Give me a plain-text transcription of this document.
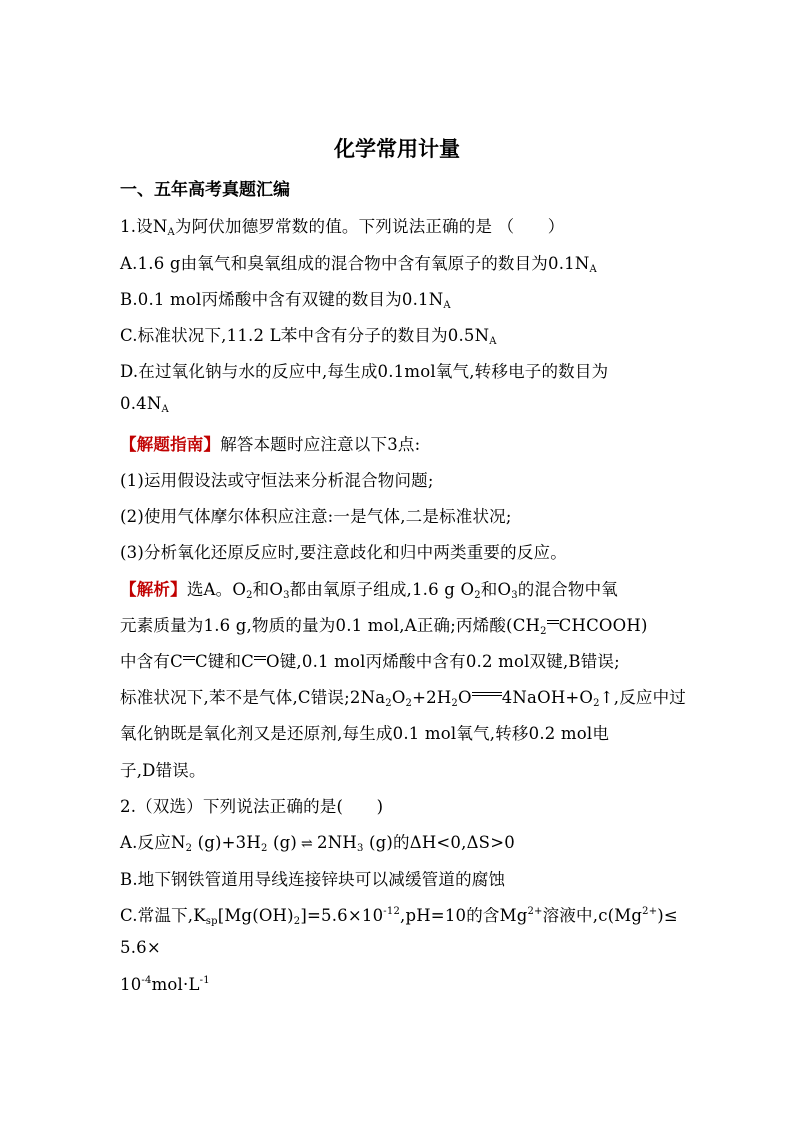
化学常用计量
一、五年高考真题汇编
1.设$N_A$为阿伏加德罗常数的值。下列说法正确的是 （　　）
A.1.6 g由氧气和臭氧组成的混合物中含有氧原子的数目为$0.1N_A$
B.0.1 mol丙烯酸中含有双键的数目为$0.1N_A$
C.标准状况下,11.2 L苯中含有分子的数目为$0.5N_A$
D.在过氧化钠与水的反应中,每生成0.1mol氧气,转移电子的数目为
$0.4N_A$
【解题指南】解答本题时应注意以下3点:
(1)运用假设法或守恒法来分析混合物问题;
(2)使用气体摩尔体积应注意:一是气体,二是标准状况;
(3)分析氧化还原反应时,要注意歧化和归中两类重要的反应。
【解析】选A。$O_2$和$O_3$都由氧原子组成,1.6 g $O_2$和$O_3$的混合物中氧
元素质量为1.6 g,物质的量为0.1 mol,A正确;丙烯酸($CH_2$ CHCOOH)
中含有C C键和C O键,0.1 mol丙烯酸中含有0.2 mol双键,B错误;
标准状况下,苯不是气体,C错误$;2Na_2O_2+2H_2O$ $4NaOH+O_2↑$,反应中过
氧化钠既是氧化剂又是还原剂,每生成0.1 mol氧气,转移0.2 mol电
子,D错误。
2.（双选）下列说法正确的是(　　)
A.反应$N_2$ $(g)+3H_2$ (g) ⇌ $2NH_3$ (g)的ΔH<0,ΔS>0
B.地下钢铁管道用导线连接锌块可以减缓管道的腐蚀
C.常温下$,K_{sp}[Mg(OH)_2]=5.6\times 10^{-12},pH=10$的含$Mg^{2+}$溶液中$,c(Mg^{2+})\le$
5.6×
$10^{-4}mol\cdot L^{-1}$
